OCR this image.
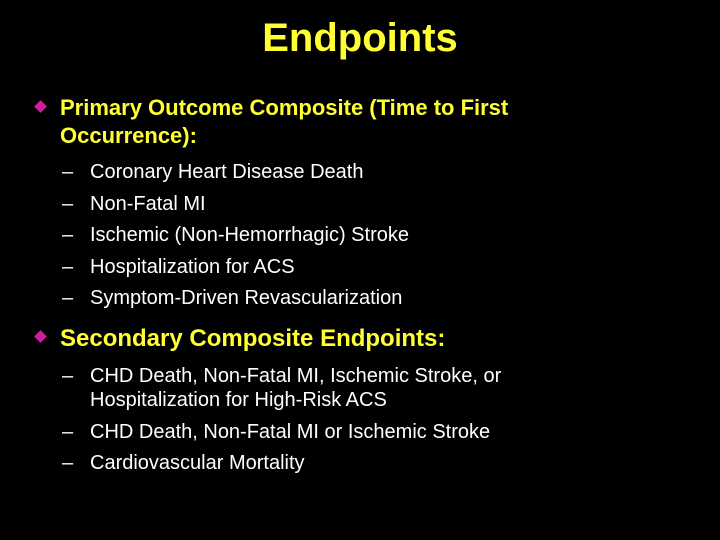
Endpoints
Primary Outcome Composite (Time to First
Occurrence):
– Coronary Heart Disease Death
– Non-Fatal MI
– Ischemic (Non-Hemorrhagic) Stroke
– Hospitalization for ACS
– Symptom-Driven Revascularization
Secondary Composite Endpoints:
– CHD Death, Non-Fatal MI, Ischemic Stroke, or
Hospitalization for High-Risk ACS
– CHD Death, Non-Fatal MI or Ischemic Stroke
– Cardiovascular Mortality
